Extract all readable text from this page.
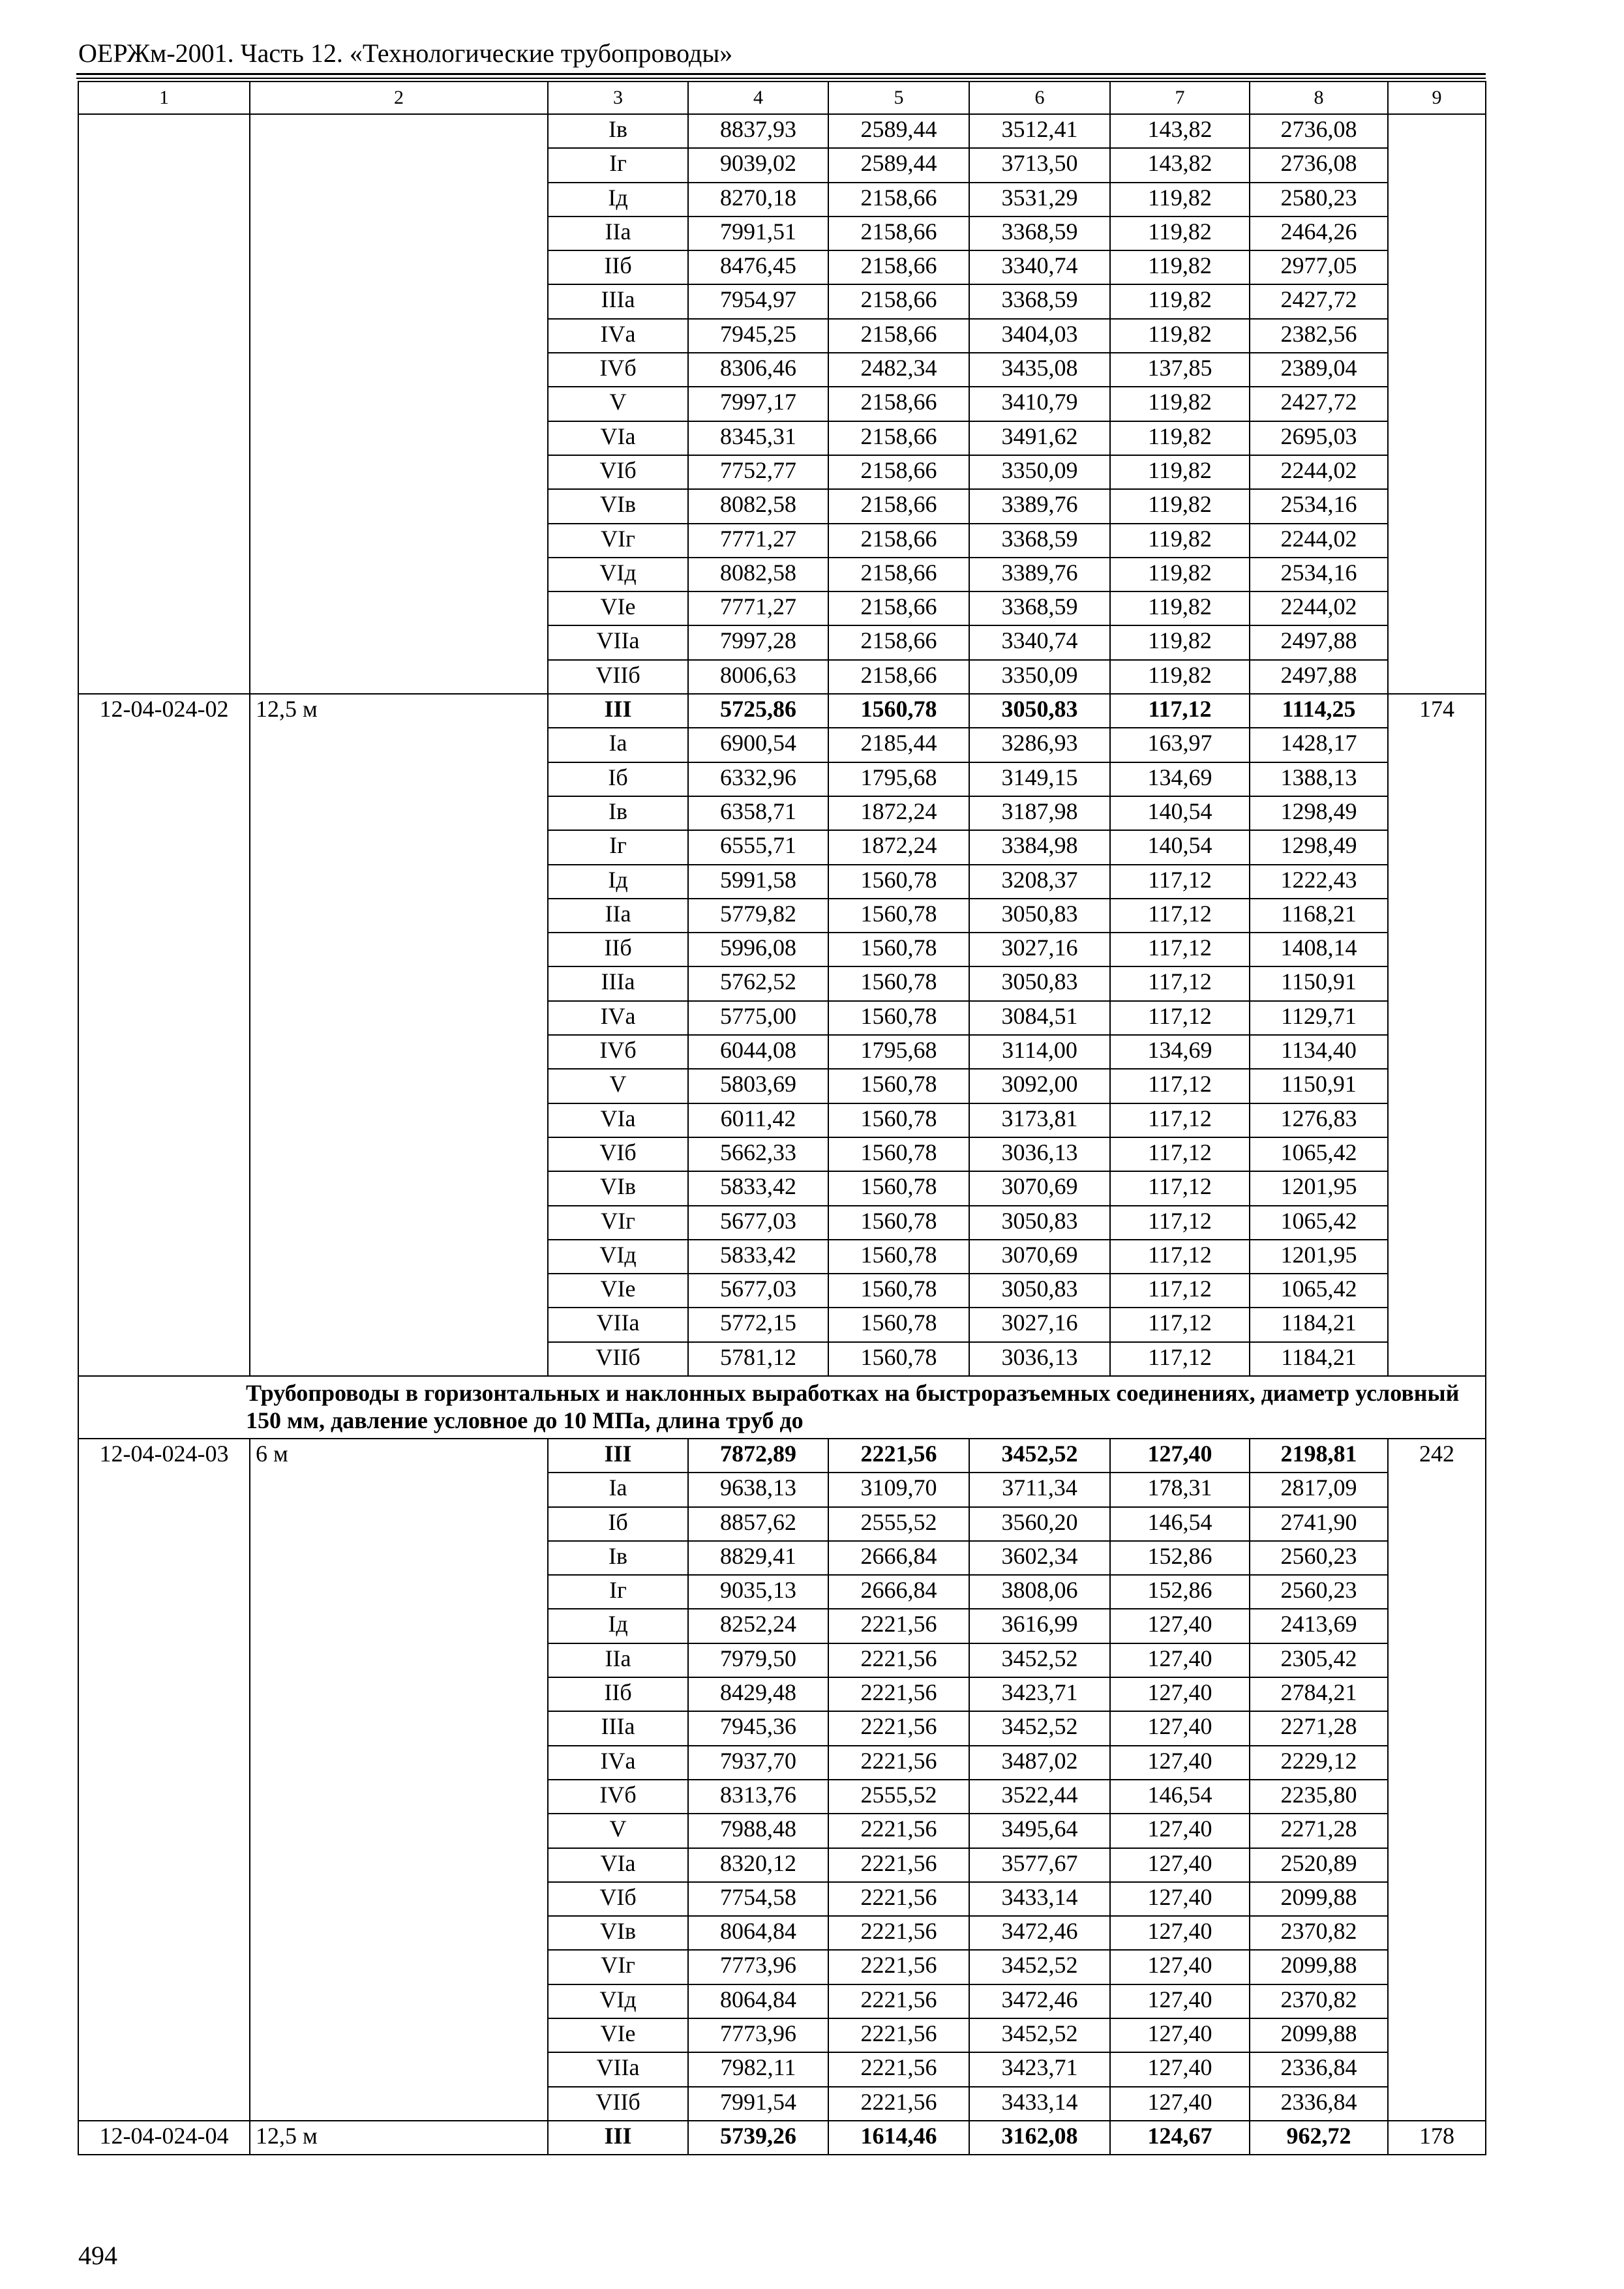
ОЕРЖм-2001. Часть 12. «Технологические трубопроводы»
1	2	3	4	5	6	7	8	9
		Iв	8837,93	2589,44	3512,41	143,82	2736,08	
		Iг	9039,02	2589,44	3713,50	143,82	2736,08	
		Iд	8270,18	2158,66	3531,29	119,82	2580,23	
		IIа	7991,51	2158,66	3368,59	119,82	2464,26	
		IIб	8476,45	2158,66	3340,74	119,82	2977,05	
		IIIа	7954,97	2158,66	3368,59	119,82	2427,72	
		IVа	7945,25	2158,66	3404,03	119,82	2382,56	
		IVб	8306,46	2482,34	3435,08	137,85	2389,04	
		V	7997,17	2158,66	3410,79	119,82	2427,72	
		VIа	8345,31	2158,66	3491,62	119,82	2695,03	
		VIб	7752,77	2158,66	3350,09	119,82	2244,02	
		VIв	8082,58	2158,66	3389,76	119,82	2534,16	
		VIг	7771,27	2158,66	3368,59	119,82	2244,02	
		VIд	8082,58	2158,66	3389,76	119,82	2534,16	
		VIе	7771,27	2158,66	3368,59	119,82	2244,02	
		VIIа	7997,28	2158,66	3340,74	119,82	2497,88	
		VIIб	8006,63	2158,66	3350,09	119,82	2497,88	
12-04-024-02	12,5 м	III	5725,86	1560,78	3050,83	117,12	1114,25	174
		Iа	6900,54	2185,44	3286,93	163,97	1428,17	
		Iб	6332,96	1795,68	3149,15	134,69	1388,13	
		Iв	6358,71	1872,24	3187,98	140,54	1298,49	
		Iг	6555,71	1872,24	3384,98	140,54	1298,49	
		Iд	5991,58	1560,78	3208,37	117,12	1222,43	
		IIа	5779,82	1560,78	3050,83	117,12	1168,21	
		IIб	5996,08	1560,78	3027,16	117,12	1408,14	
		IIIа	5762,52	1560,78	3050,83	117,12	1150,91	
		IVа	5775,00	1560,78	3084,51	117,12	1129,71	
		IVб	6044,08	1795,68	3114,00	134,69	1134,40	
		V	5803,69	1560,78	3092,00	117,12	1150,91	
		VIа	6011,42	1560,78	3173,81	117,12	1276,83	
		VIб	5662,33	1560,78	3036,13	117,12	1065,42	
		VIв	5833,42	1560,78	3070,69	117,12	1201,95	
		VIг	5677,03	1560,78	3050,83	117,12	1065,42	
		VIд	5833,42	1560,78	3070,69	117,12	1201,95	
		VIе	5677,03	1560,78	3050,83	117,12	1065,42	
		VIIа	5772,15	1560,78	3027,16	117,12	1184,21	
		VIIб	5781,12	1560,78	3036,13	117,12	1184,21	

Трубопроводы в горизонтальных и наклонных выработках на быстроразъемных соединениях, диаметр условный 150 мм, давление условное до 10 МПа, длина труб до								

12-04-024-03	6 м	III	7872,89	2221,56	3452,52	127,40	2198,81	242
		Iа	9638,13	3109,70	3711,34	178,31	2817,09	
		Iб	8857,62	2555,52	3560,20	146,54	2741,90	
		Iв	8829,41	2666,84	3602,34	152,86	2560,23	
		Iг	9035,13	2666,84	3808,06	152,86	2560,23	
		Iд	8252,24	2221,56	3616,99	127,40	2413,69	
		IIа	7979,50	2221,56	3452,52	127,40	2305,42	
		IIб	8429,48	2221,56	3423,71	127,40	2784,21	
		IIIа	7945,36	2221,56	3452,52	127,40	2271,28	
		IVа	7937,70	2221,56	3487,02	127,40	2229,12	
		IVб	8313,76	2555,52	3522,44	146,54	2235,80	
		V	7988,48	2221,56	3495,64	127,40	2271,28	
		VIа	8320,12	2221,56	3577,67	127,40	2520,89	
		VIб	7754,58	2221,56	3433,14	127,40	2099,88	
		VIв	8064,84	2221,56	3472,46	127,40	2370,82	
		VIг	7773,96	2221,56	3452,52	127,40	2099,88	
		VIд	8064,84	2221,56	3472,46	127,40	2370,82	
		VIе	7773,96	2221,56	3452,52	127,40	2099,88	
		VIIа	7982,11	2221,56	3423,71	127,40	2336,84	
		VIIб	7991,54	2221,56	3433,14	127,40	2336,84	
12-04-024-04	12,5 м	III	5739,26	1614,46	3162,08	124,67	962,72	178
494
